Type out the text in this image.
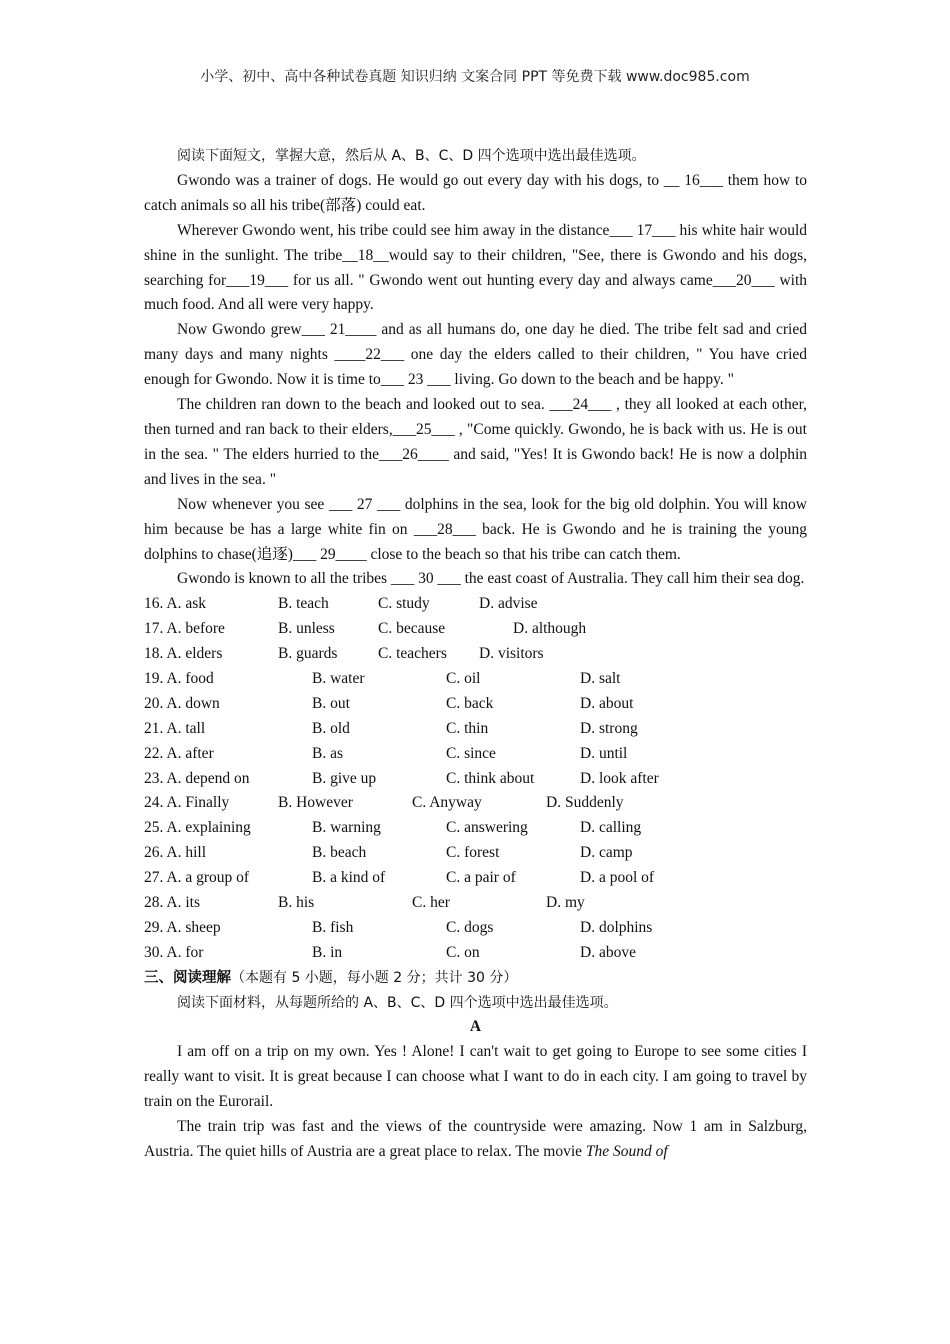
小学、初中、高中各种试卷真题 知识归纳 文案合同 PPT 等免费下载 www.doc985.com

阅读下面短文，掌握大意，然后从 A、B、C、D 四个选项中选出最佳选项。

Gwondo was a trainer of dogs. He would go out every day with his dogs, to __ 16___ them how to catch animals so all his tribe(部落) could eat.

Wherever Gwondo went, his tribe could see him away in the distance___ 17___ his white hair would shine in the sunlight. The tribe__18__would say to their children, "See, there is Gwondo and his dogs, searching for___19___ for us all. " Gwondo went out hunting every day and always came___20___ with much food. And all were very happy.

Now Gwondo grew___ 21____ and as all humans do, one day he died. The tribe felt sad and cried many days and many nights ____22___ one day the elders called to their children, " You have cried enough for Gwondo. Now it is time to___ 23 ___ living. Go down to the beach and be happy. "

The children ran down to the beach and looked out to sea. ___24___ , they all looked at each other, then turned and ran back to their elders,___25___ , "Come quickly. Gwondo, he is back with us. He is out in the sea. " The elders hurried to the___26____ and said, "Yes! It is Gwondo back! He is now a dolphin and lives in the sea. "

Now whenever you see ___ 27 ___ dolphins in the sea, look for the big old dolphin. You will know him because be has a large white fin on ___28___ back. He is Gwondo and he is training the young dolphins to chase(追逐)___ 29____ close to the beach so that his tribe can catch them.

Gwondo is known to all the tribes ___ 30 ___ the east coast of Australia. They call him their sea dog.

16. A. ask	B. teach	C. study	D. advise
17. A. before	B. unless	C. because	D. although
18. A. elders	B. guards	C. teachers D. visitors
19. A. food	B. water	C. oil	D. salt
20. A. down	B. out	C. back	D. about
21. A. tall	B. old	C. thin	D. strong
22. A. after	B. as	C. since	D. until
23. A. depend on	B. give up	C. think about	D. look after
24. A. Finally	B. However	C. Anyway	D. Suddenly
25. A. explaining	B. warning	C. answering	D. calling
26. A. hill	B. beach	C. forest	D. camp
27. A. a group of	B. a kind of	C. a pair of	D. a pool of
28. A. its	B. his	C. her	D. my
29. A. sheep	B. fish	C. dogs	D. dolphins
30. A. for	B. in	C. on	D. above

三、阅读理解（本题有 5 小题，每小题 2 分；共计 30 分）

阅读下面材料，从每题所给的 A、B、C、D 四个选项中选出最佳选项。

A

I am off on a trip on my own. Yes ! Alone! I can't wait to get going to Europe to see some cities I really want to visit. It is great because I can choose what I want to do in each city. I am going to travel by train on the Eurorail.

The train trip was fast and the views of the countryside were amazing. Now 1 am in Salzburg, Austria. The quiet hills of Austria are a great place to relax. The movie The Sound of
